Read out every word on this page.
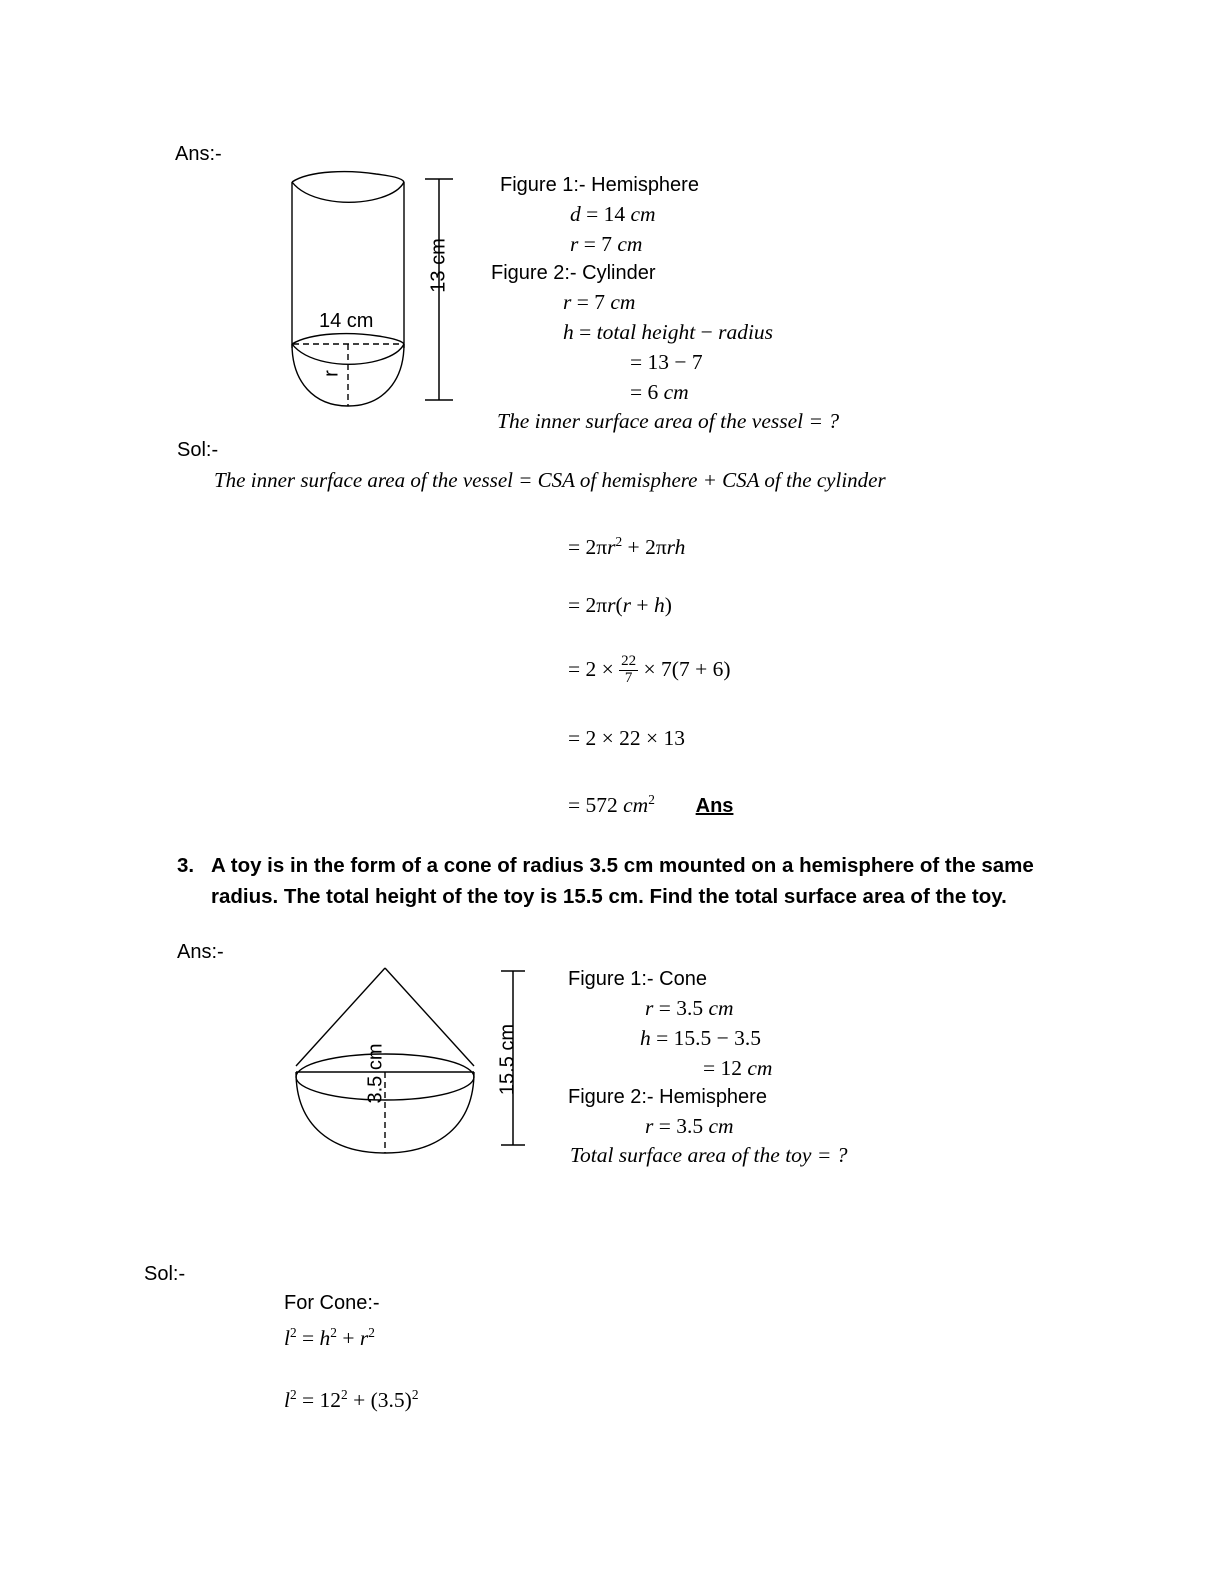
Ans:-
14 cm
r
13 cm
Figure 1:- Hemisphere
d = 14 cm
r = 7 cm
Figure 2:- Cylinder
r = 7 cm
h = total height − radius
= 13 − 7
= 6 cm
The inner surface area of the vessel = ?
Sol:-
The inner surface area of the vessel = CSA of hemisphere + CSA of the cylinder
= $2\pi r^2 + 2\pi rh$
= 2πr(r + h)
= $2 \times \frac{22}{7} \times 7(7 + 6)$
= 2 × 22 × 13
= 572 $cm^2$ Ans
3. A toy is in the form of a cone of radius 3.5 cm mounted on a hemisphere of the same radius. The total height of the toy is 15.5 cm. Find the total surface area of the toy.
Ans:-
3.5 cm	15.5 cm
Figure 1:- Cone
r = 3.5 cm
h = 15.5 − 3.5
= 12 cm
Figure 2:- Hemisphere
r = 3.5 cm
Total surface area of the toy = ?
Sol:-
For Cone:-
$l^2 = h^2 + r^2$
$l^2 = 12^2 + (3.5)^2$
